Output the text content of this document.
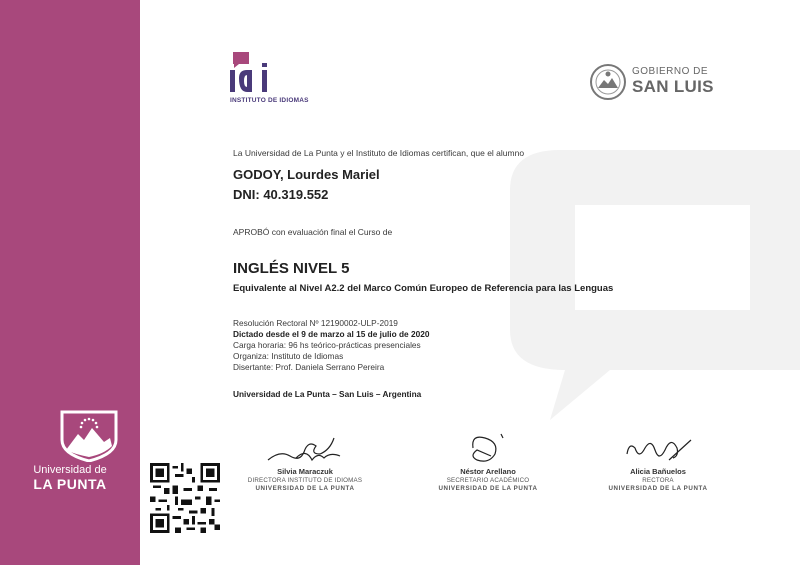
Universidad de
LA PUNTA
INSTITUTO DE IDIOMAS
GOBIERNO DE
SAN LUIS
La Universidad de La Punta y el Instituto de Idiomas certifican, que el alumno
GODOY, Lourdes Mariel
DNI: 40.319.552
APROBÓ con evaluación final el Curso de
INGLÉS NIVEL 5
Equivalente al Nivel A2.2 del Marco Común Europeo de Referencia para las Lenguas
Resolución Rectoral Nº 12190002-ULP-2019
Dictado desde el 9 de marzo al 15 de julio de 2020
Carga horaria: 96 hs teórico-prácticas presenciales
Organiza: Instituto de Idiomas
Disertante: Prof. Daniela Serrano Pereira
Universidad de La Punta – San Luis – Argentina
Silvia Maraczuk
DIRECTORA INSTITUTO DE IDIOMAS
UNIVERSIDAD DE LA PUNTA
Néstor Arellano
SECRETARIO ACADÉMICO
UNIVERSIDAD DE LA PUNTA
Alicia Bañuelos
RECTORA
UNIVERSIDAD DE LA PUNTA
